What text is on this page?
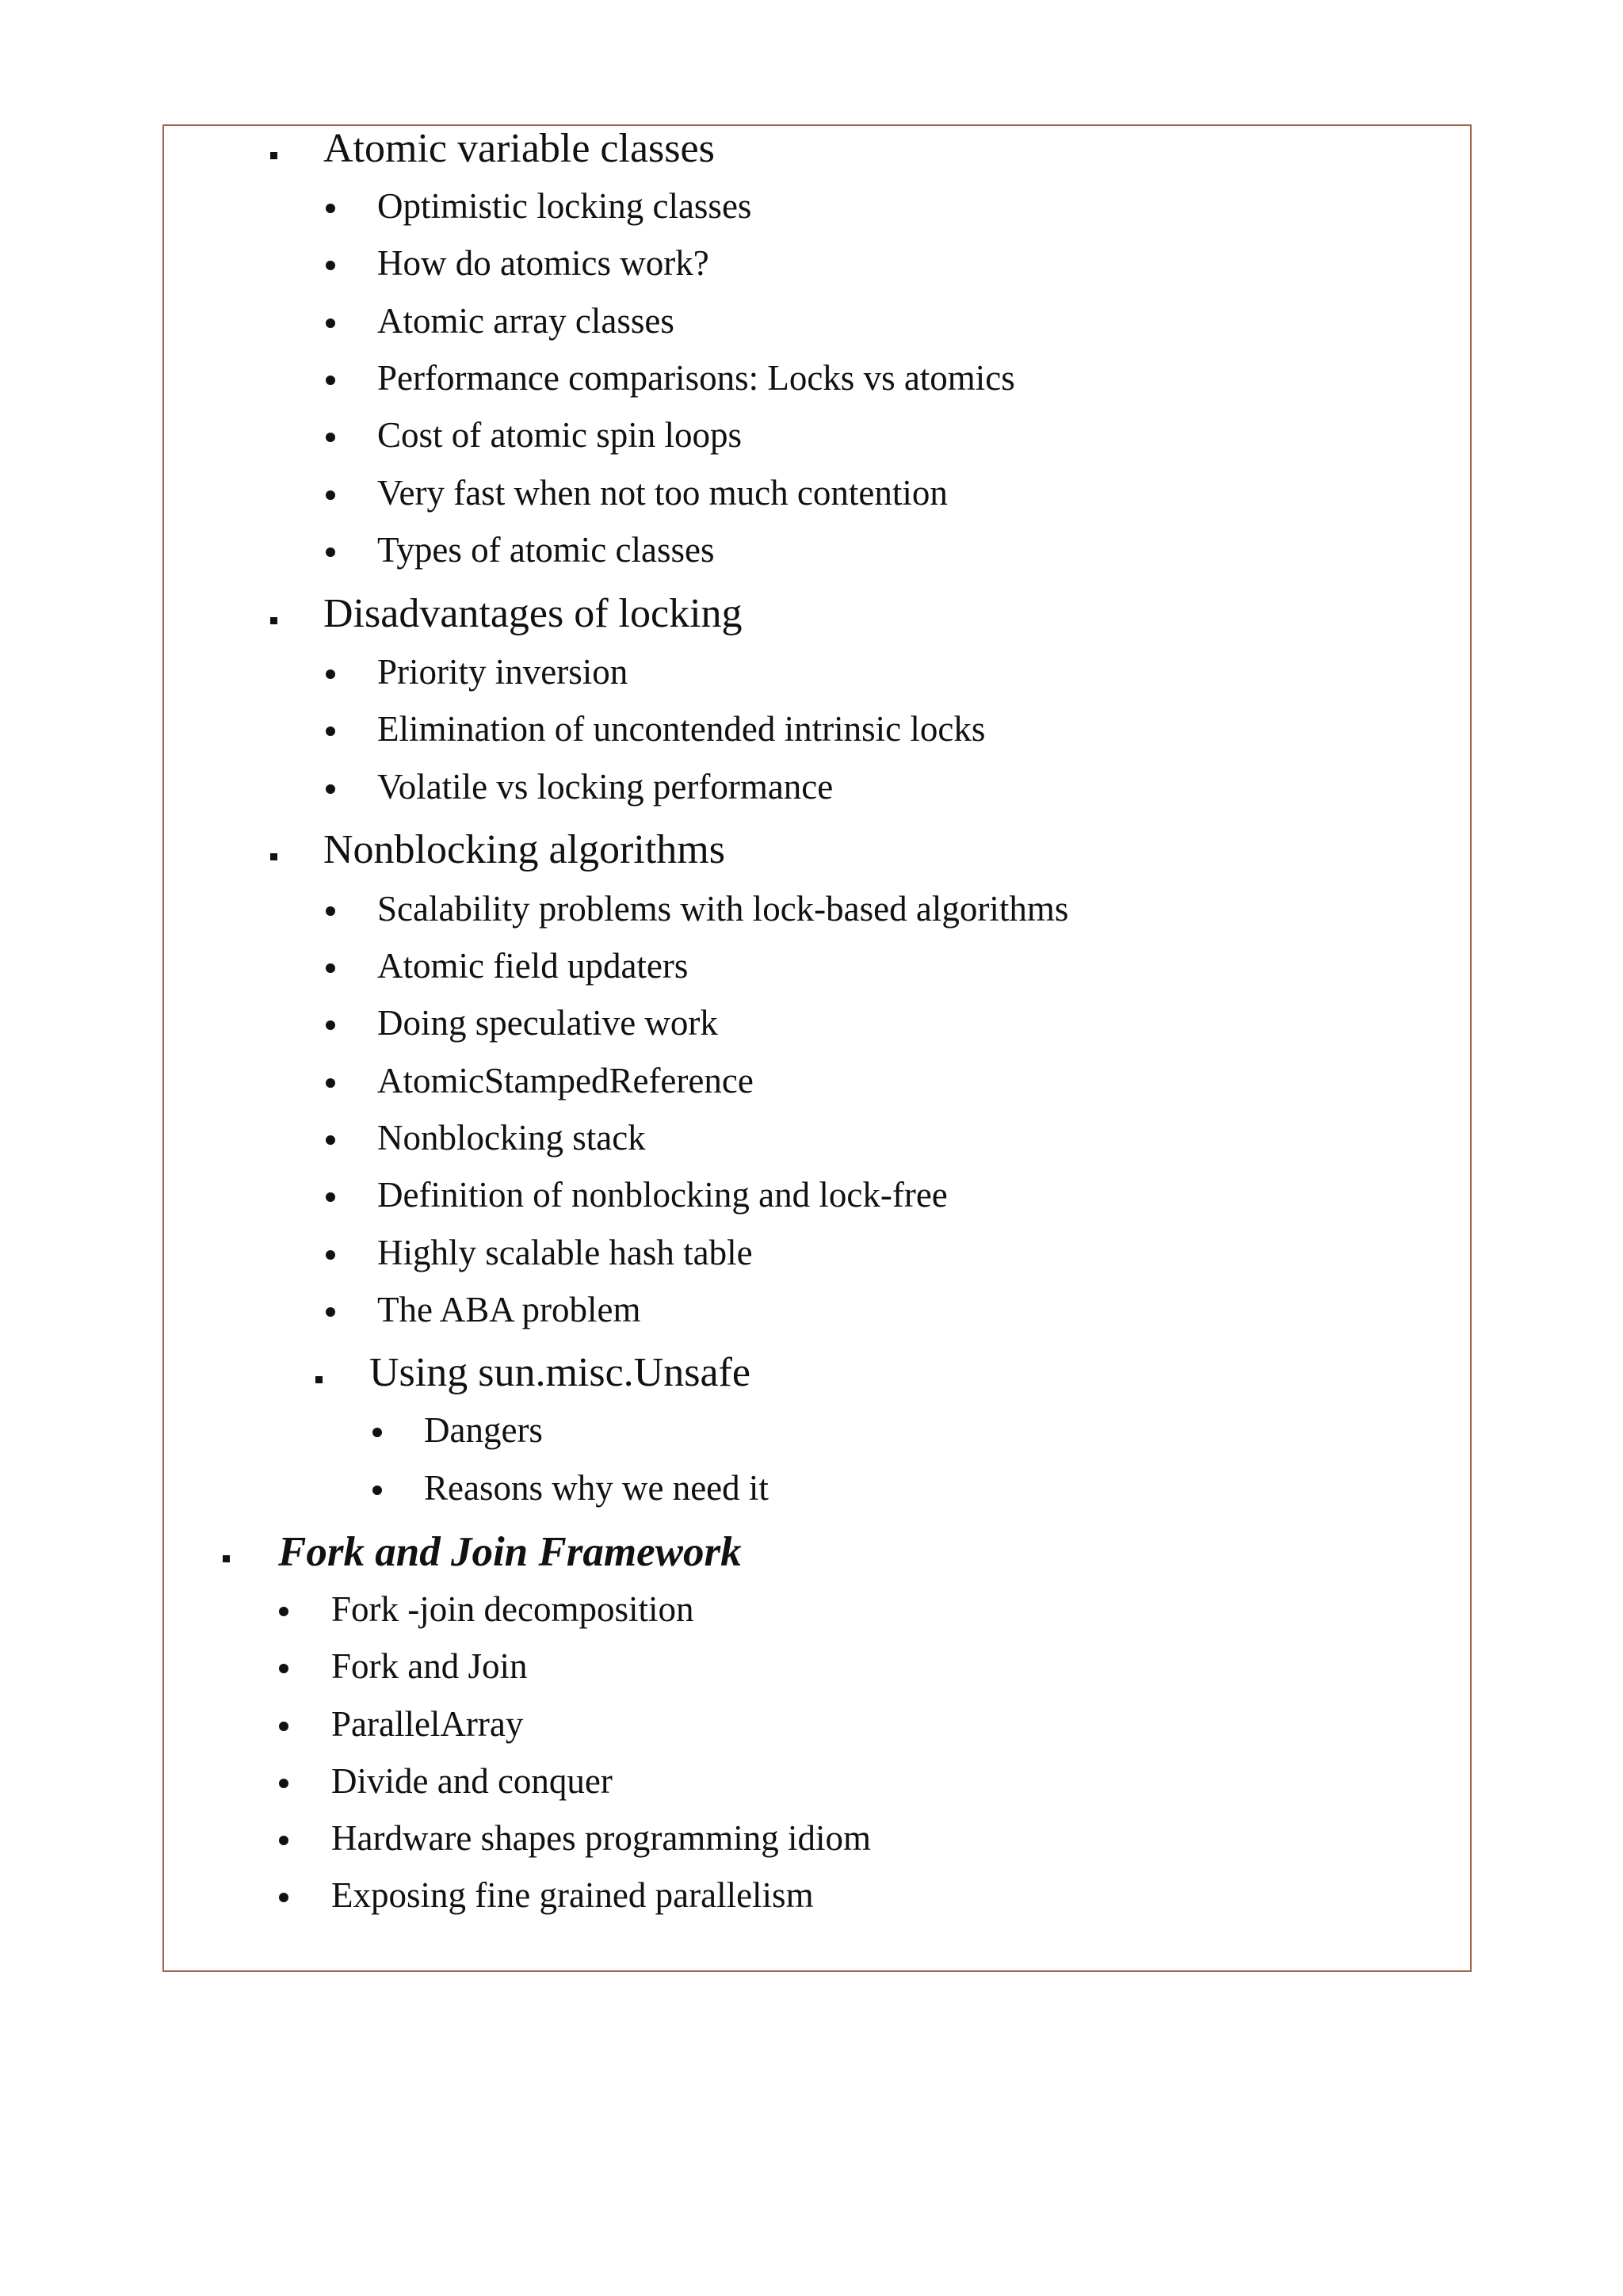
Atomic variable classes
Optimistic locking classes
How do atomics work?
Atomic array classes
Performance comparisons: Locks vs atomics
Cost of atomic spin loops
Very fast when not too much contention
Types of atomic classes
Disadvantages of locking
Priority inversion
Elimination of uncontended intrinsic locks
Volatile vs locking performance
Nonblocking algorithms
Scalability problems with lock-based algorithms
Atomic field updaters
Doing speculative work
AtomicStampedReference
Nonblocking stack
Definition of nonblocking and lock-free
Highly scalable hash table
The ABA problem
Using sun.misc.Unsafe
Dangers
Reasons why we need it
Fork and Join Framework
Fork -join decomposition
Fork and Join
ParallelArray
Divide and conquer
Hardware shapes programming idiom
Exposing fine grained parallelism
